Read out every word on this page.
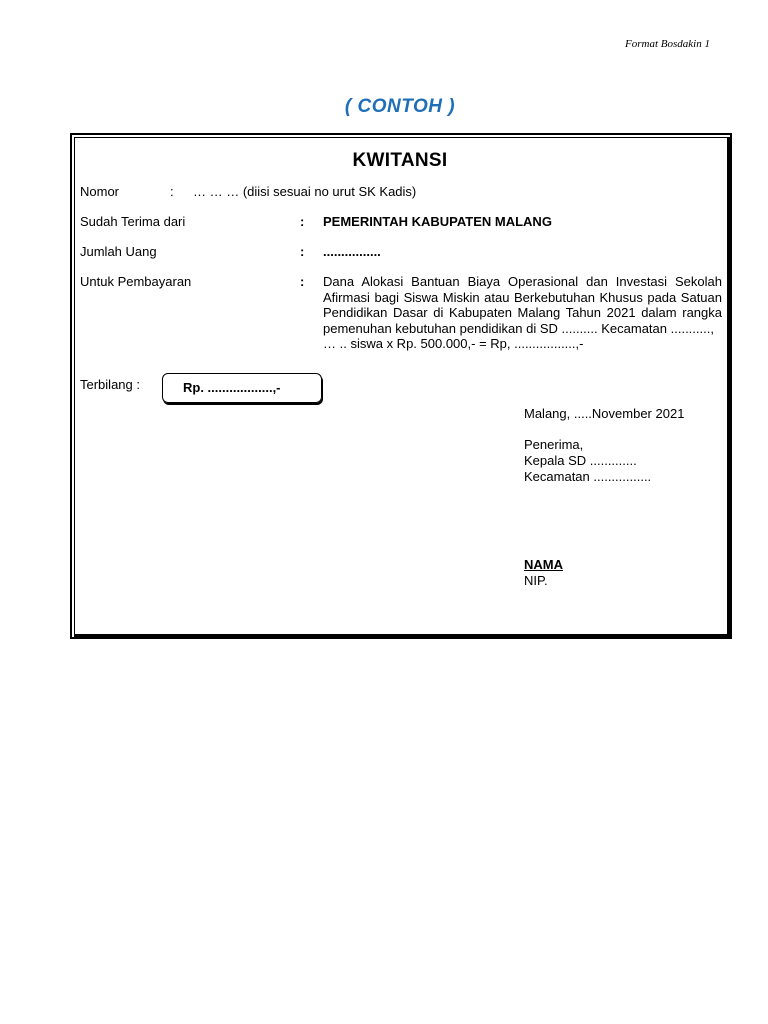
Format Bosdakin 1
( CONTOH )
KWITANSI
Nomor	: … … … (diisi sesuai no urut SK Kadis)
Sudah Terima dari	: PEMERINTAH KABUPATEN MALANG
Jumlah Uang	: ................
Untuk Pembayaran	: Dana Alokasi Bantuan Biaya Operasional dan Investasi Sekolah Afirmasi bagi Siswa Miskin atau Berkebutuhan Khusus pada Satuan Pendidikan Dasar di Kabupaten Malang Tahun 2021 dalam rangka pemenuhan kebutuhan pendidikan di SD .......... Kecamatan ...........,

… .. siswa x Rp. 500.000,- = Rp, .................,-

Terbilang :	Rp. ..................,-
Malang, .....November 2021
Penerima,
Kepala SD .............
Kecamatan ................
NAMA
NIP.
